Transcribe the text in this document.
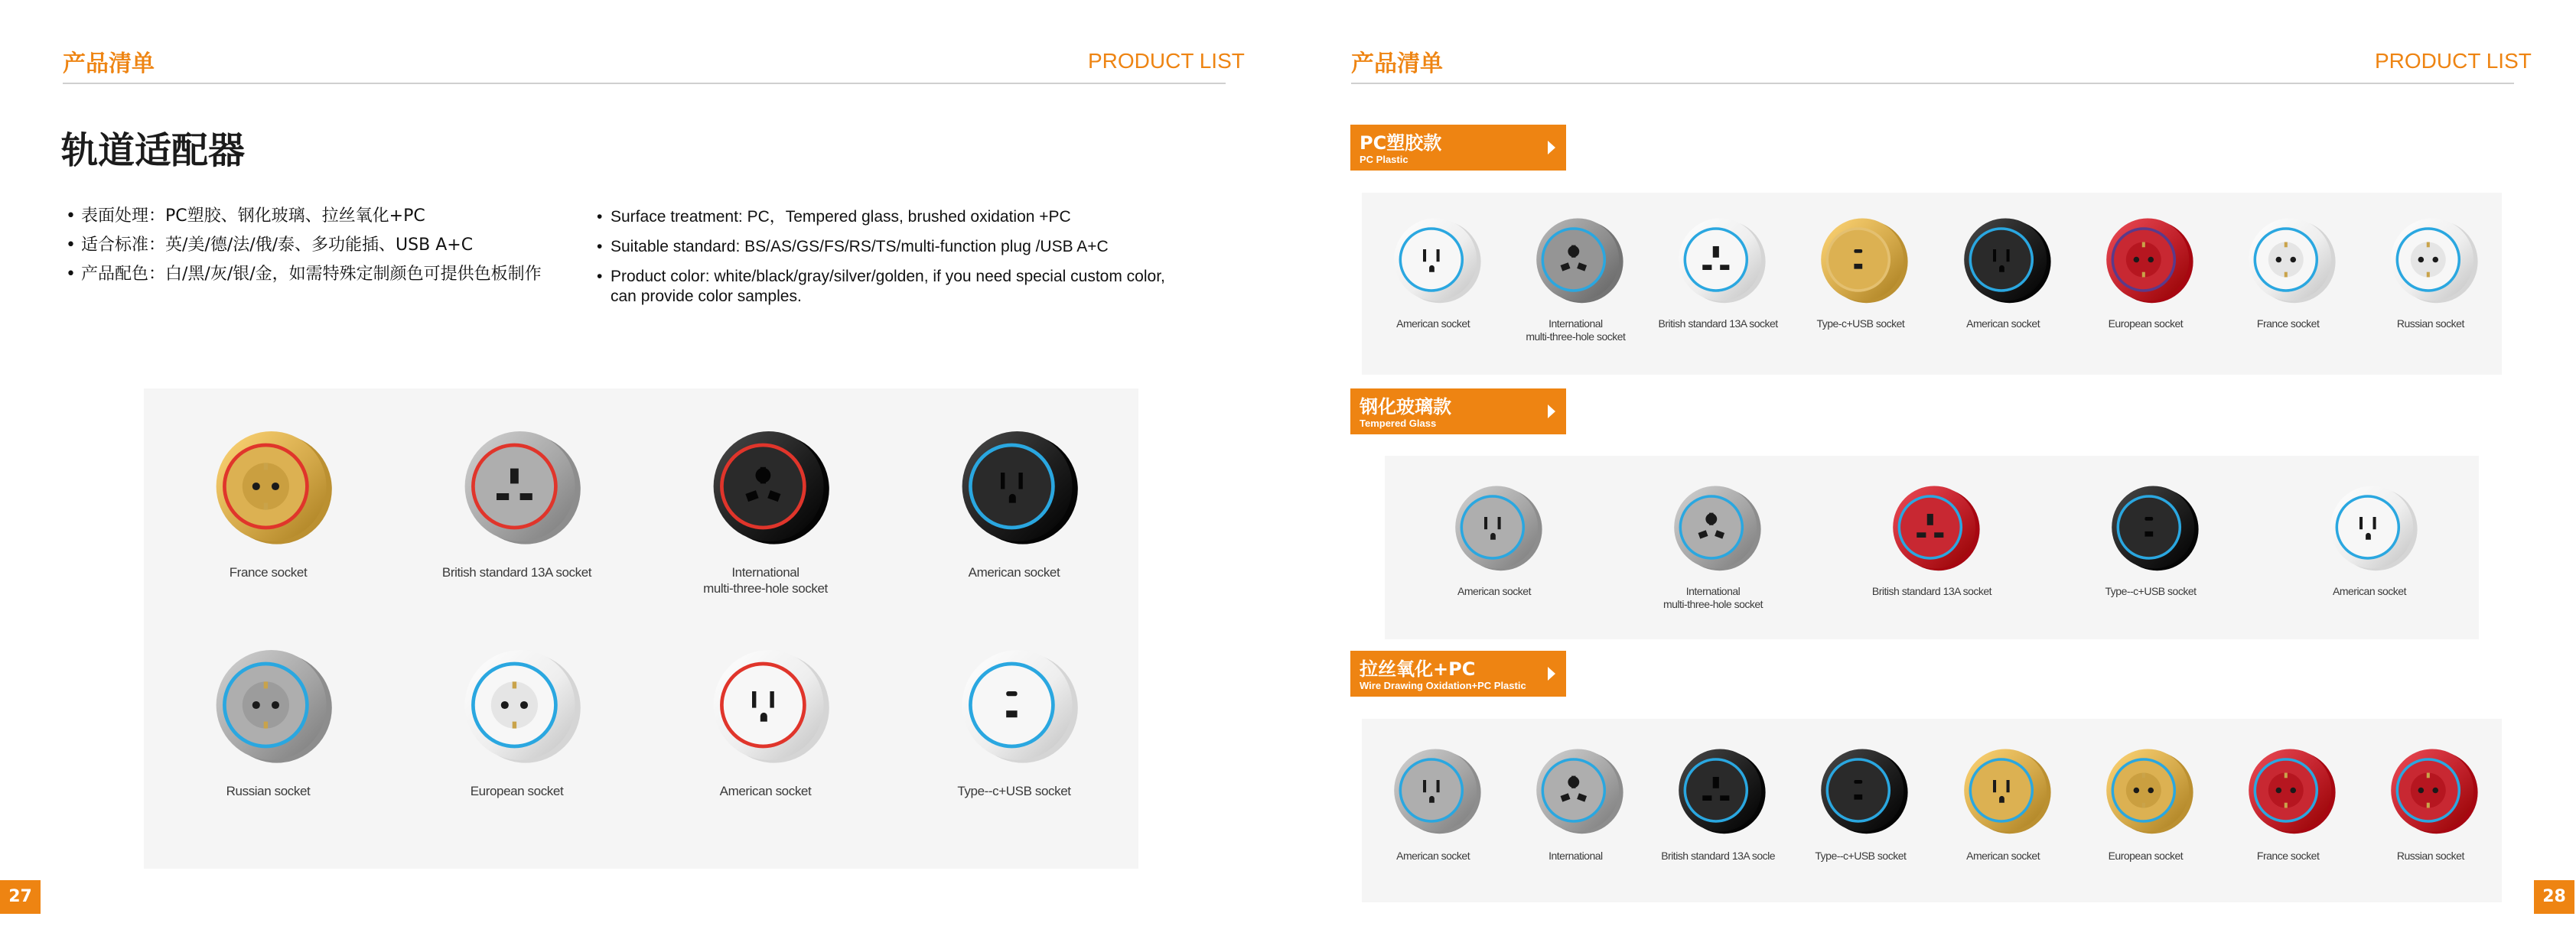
产品清单	PRODUCT LIST
轨道适配器
• 表面处理：PC塑胶、钢化玻璃、拉丝氧化+PC
• 适合标准：英/美/德/法/俄/泰、多功能插、USB A+C
• 产品配色：白/黑/灰/银/金，如需特殊定制颜色可提供色板制作
• Surface treatment: PC，Tempered glass, brushed oxidation +PC
• Suitable standard: BS/AS/GS/FS/RS/TS/multi-function plug /USB A+C
• Product color: white/black/gray/silver/golden, if you need special custom color, can provide color samples.
France socket	British standard 13A socket	International
multi-three-hole socket
American socket
Russian socket	European socket	American socket	Type--c+USB socket
27
产品清单	PRODUCT LIST
PC塑胶款
PC Plastic
钢化玻璃款
Tempered Glass
拉丝氧化+PC
Wire Drawing Oxidation+PC Plastic
American socket	International
multi-three-hole socket
British standard 13A socket	Type-c+USB socket	American socket	European socket	France socket	Russian socket
American socket	International
multi-three-hole socket
British standard 13A socket	Type--c+USB socket	American socket
American socket	International	British standard 13A socle	Type--c+USB socket	American socket	European socket	France socket	Russian socket
28
